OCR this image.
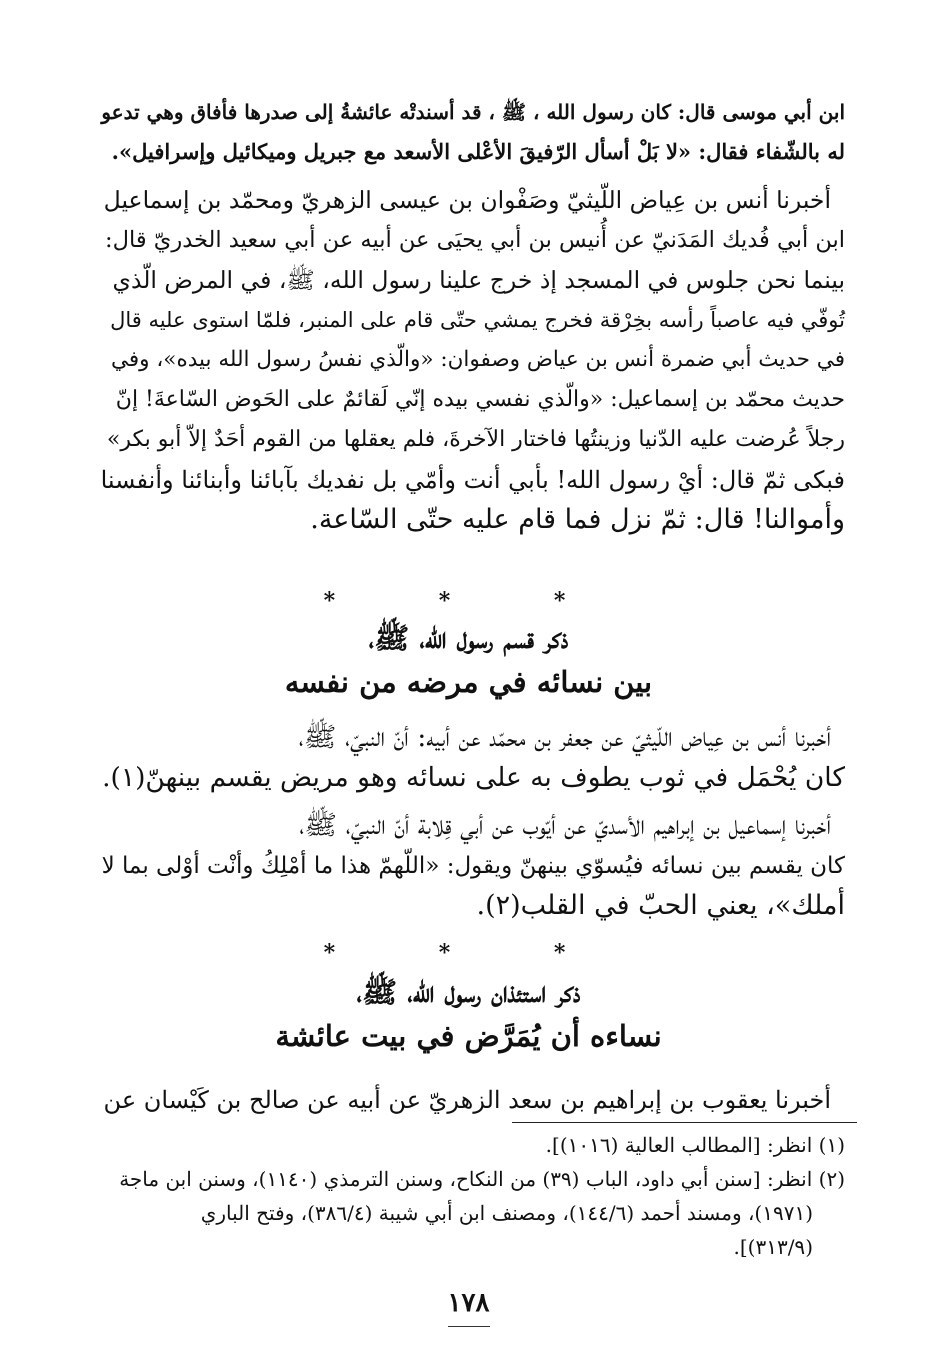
ابن أبي موسى قال: كان رسول الله ، ﷺ ، قد أسندتْه عائشةُ إلى صدرها فأفاق وهي تدعو
له بالشّفاء فقال: «لا بَلْ أسأل الرّفيقَ الأعْلى الأسعد مع جبريل وميكائيل وإسرافيل».
أخبرنا أنس بن عِياض اللّيثيّ وصَفْوان بن عيسى الزهريّ ومحمّد بن إسماعيل
ابن أبي فُديك المَدَنيّ عن أُنيس بن أبي يحيَى عن أبيه عن أبي سعيد الخدريّ قال:
بينما نحن جلوس في المسجد إذ خرج علينا رسول الله، ﷺ، في المرض الّذي
تُوفّي فيه عاصباً رأسه بخِرْقة فخرج يمشي حتّى قام على المنبر، فلمّا استوى عليه قال
في حديث أبي ضمرة أنس بن عياض وصفوان: «والّذي نفسُ رسول الله بيده»، وفي
حديث محمّد بن إسماعيل: «والّذي نفسي بيده إنّي لَقائمٌ على الحَوض السّاعةَ! إنّ
رجلاً عُرضت عليه الدّنيا وزينتُها فاختار الآخرةَ، فلم يعقلها من القوم أحَدٌ إلاّ أبو بكر»
فبكى ثمّ قال: أيْ رسول الله! بأبي أنت وأمّي بل نفديك بآبائنا وأبنائنا وأنفسنا
وأموالنا! قال: ثمّ نزل فما قام عليه حتّى السّاعة.
* * *
ذكر قسم رسول الله، ﷺ،
بين نسائه في مرضه من نفسه
أخبرنا أنس بن عِياض اللّيثيّ عن جعفر بن محمّد عن أبيه: أنّ النبيّ، ﷺ،
كان يُحْمَل في ثوب يطوف به على نسائه وهو مريض يقسم بينهنّ(١).
أخبرنا إسماعيل بن إبراهيم الأسديّ عن أيّوب عن أبي قِلابة أنّ النبيّ، ﷺ،
كان يقسم بين نسائه فيُسوّي بينهنّ ويقول: «اللّهمّ هذا ما أمْلِكُ وأنْت أوْلى بما لا
أملك»، يعني الحبّ في القلب(٢).
* * *
ذكر استئذان رسول الله، ﷺ،
نساءه أن يُمَرَّض في بيت عائشة
أخبرنا يعقوب بن إبراهيم بن سعد الزهريّ عن أبيه عن صالح بن كَيْسان عن
(١) انظر: [المطالب العالية (١٠١٦)].
(٢) انظر: [سنن أبي داود، الباب (٣٩) من النكاح، وسنن الترمذي (١١٤٠)، وسنن ابن ماجة
(١٩٧١)، ومسند أحمد (١٤٤/٦)، ومصنف ابن أبي شيبة (٣٨٦/٤)، وفتح الباري
(٣١٣/٩)].
١٧٨
